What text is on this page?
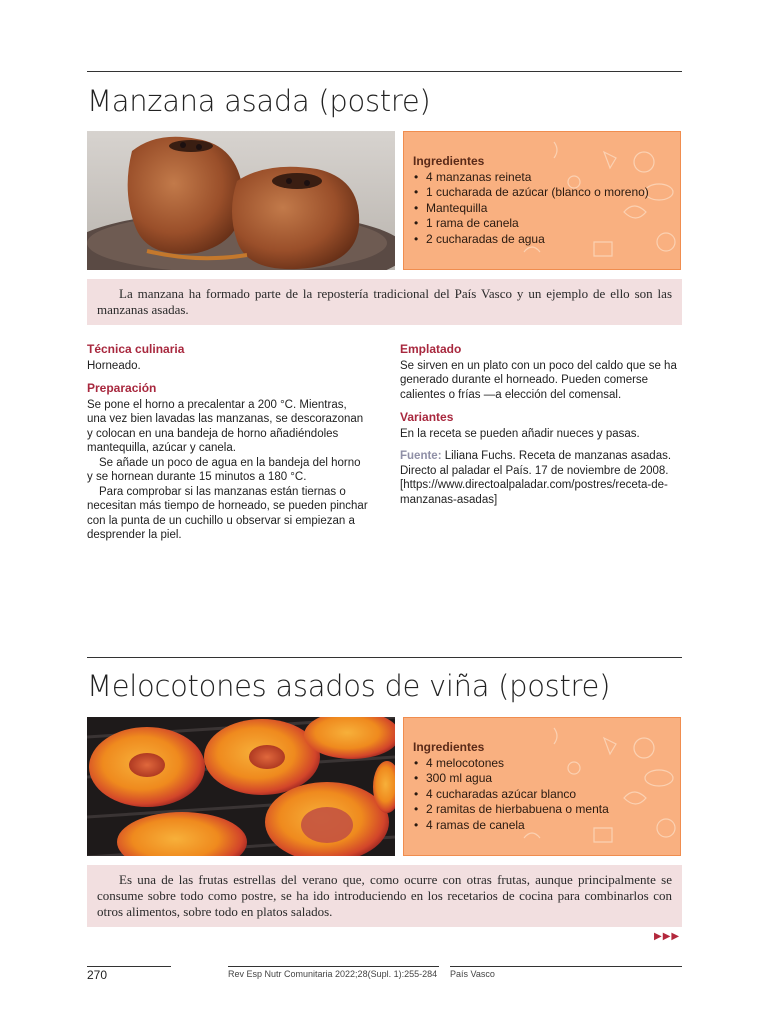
Manzana asada (postre)
Ingredientes
• 4 manzanas reineta
• 1 cucharada de azúcar (blanco o moreno)
• Mantequilla
• 1 rama de canela
• 2 cucharadas de agua

La manzana ha formado parte de la repostería tradicional del País Vasco y un ejemplo de ello son las manzanas asadas.

Técnica culinaria

Horneado.

Preparación

Se pone el horno a precalentar a 200 °C. Mientras, una vez bien lavadas las manzanas, se descorazonan y colocan en una bandeja de horno añadiéndoles mantequilla, azúcar y canela.

Se añade un poco de agua en la bandeja del horno y se hornean durante 15 minutos a 180 °C.

Para comprobar si las manzanas están tiernas o necesitan más tiempo de horneado, se pueden pinchar con la punta de un cuchillo u observar si empiezan a desprender la piel.

Emplatado

Se sirven en un plato con un poco del caldo que se ha generado durante el horneado. Pueden comerse calientes o frías —a elección del comensal.

Variantes

En la receta se pueden añadir nueces y pasas.

Fuente: Liliana Fuchs. Receta de manzanas asadas. Directo al paladar el País. 17 de noviembre de 2008. [https://www.directoalpaladar.com/postres/receta-de-manzanas-asadas]

Melocotones asados de viña (postre)
Ingredientes
• 4 melocotones
• 300 ml agua
• 4 cucharadas azúcar blanco
• 2 ramitas de hierbabuena o menta
• 4 ramas de canela

Es una de las frutas estrellas del verano que, como ocurre con otras frutas, aunque principalmente se consume sobre todo como postre, se ha ido introduciendo en los recetarios de cocina para combinarlos con otros alimentos, sobre todo en platos salados.

▶▶▶
270	Rev Esp Nutr Comunitaria 2022;28(Supl. 1):255-284 País Vasco
